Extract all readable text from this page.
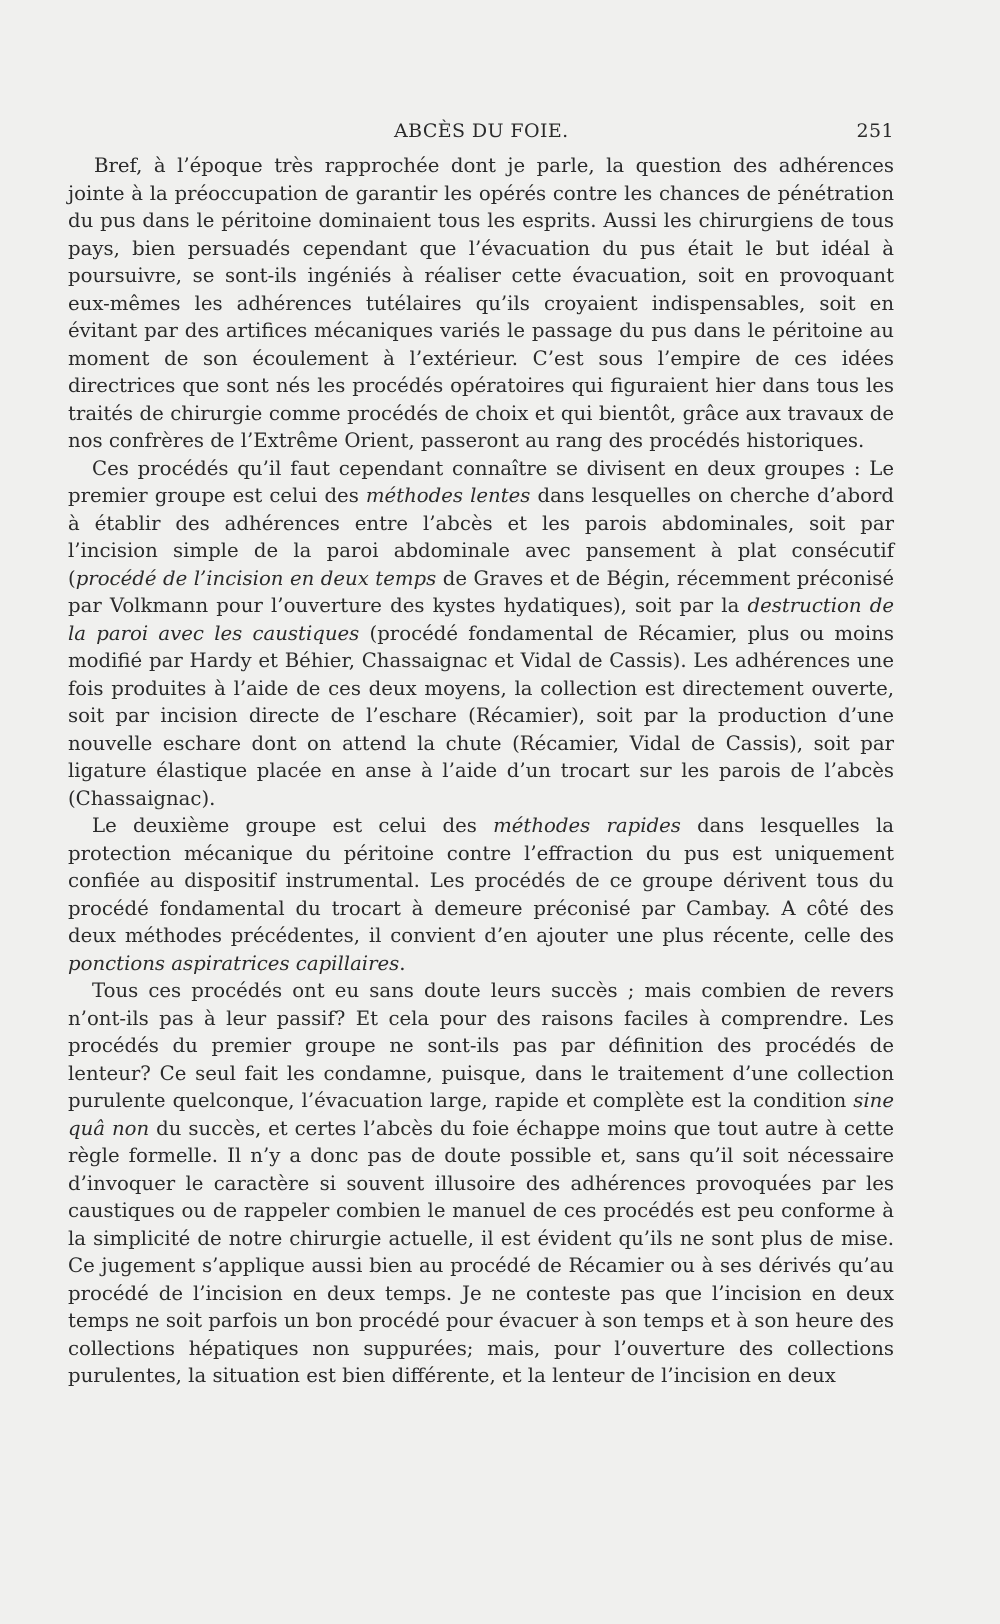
ABCÈS DU FOIE.	251

Bref, à l’époque très rapprochée dont je parle, la question des adhérences jointe à la préoccupation de garantir les opérés contre les chances de pénétration du pus dans le péritoine dominaient tous les esprits. Aussi les chirurgiens de tous pays, bien persuadés cependant que l’évacuation du pus était le but idéal à poursuivre, se sont-ils ingéniés à réaliser cette évacuation, soit en provoquant eux-mêmes les adhérences tutélaires qu’ils croyaient indispensables, soit en évitant par des artifices mécaniques variés le passage du pus dans le péritoine au moment de son écoulement à l’extérieur. C’est sous l’empire de ces idées directrices que sont nés les procédés opératoires qui figuraient hier dans tous les traités de chirurgie comme procédés de choix et qui bientôt, grâce aux travaux de nos confrères de l’Extrême Orient, passeront au rang des procédés historiques.

Ces procédés qu’il faut cependant connaître se divisent en deux groupes : Le premier groupe est celui des méthodes lentes dans lesquelles on cherche d’abord à établir des adhérences entre l’abcès et les parois abdominales, soit par l’incision simple de la paroi abdominale avec pansement à plat consécutif (procédé de l’incision en deux temps de Graves et de Bégin, récemment préconisé par Volkmann pour l’ouverture des kystes hydatiques), soit par la destruction de la paroi avec les caustiques (procédé fondamental de Récamier, plus ou moins modifié par Hardy et Béhier, Chassaignac et Vidal de Cassis). Les adhérences une fois produites à l’aide de ces deux moyens, la collection est directement ouverte, soit par incision directe de l’eschare (Récamier), soit par la production d’une nouvelle eschare dont on attend la chute (Récamier, Vidal de Cassis), soit par ligature élastique placée en anse à l’aide d’un trocart sur les parois de l’abcès (Chassaignac).

Le deuxième groupe est celui des méthodes rapides dans lesquelles la protection mécanique du péritoine contre l’effraction du pus est uniquement confiée au dispositif instrumental. Les procédés de ce groupe dérivent tous du procédé fondamental du trocart à demeure préconisé par Cambay. A côté des deux méthodes précédentes, il convient d’en ajouter une plus récente, celle des ponctions aspiratrices capillaires.

Tous ces procédés ont eu sans doute leurs succès ; mais combien de revers n’ont-ils pas à leur passif? Et cela pour des raisons faciles à comprendre. Les procédés du premier groupe ne sont-ils pas par définition des procédés de lenteur? Ce seul fait les condamne, puisque, dans le traitement d’une collection purulente quelconque, l’évacuation large, rapide et complète est la condition sine quâ non du succès, et certes l’abcès du foie échappe moins que tout autre à cette règle formelle. Il n’y a donc pas de doute possible et, sans qu’il soit nécessaire d’invoquer le caractère si souvent illusoire des adhérences provoquées par les caustiques ou de rappeler combien le manuel de ces procédés est peu conforme à la simplicité de notre chirurgie actuelle, il est évident qu’ils ne sont plus de mise. Ce jugement s’applique aussi bien au procédé de Récamier ou à ses dérivés qu’au procédé de l’incision en deux temps. Je ne conteste pas que l’incision en deux temps ne soit parfois un bon procédé pour évacuer à son temps et à son heure des collections hépatiques non suppurées; mais, pour l’ouverture des collections purulentes, la situation est bien différente, et la lenteur de l’incision en deux
